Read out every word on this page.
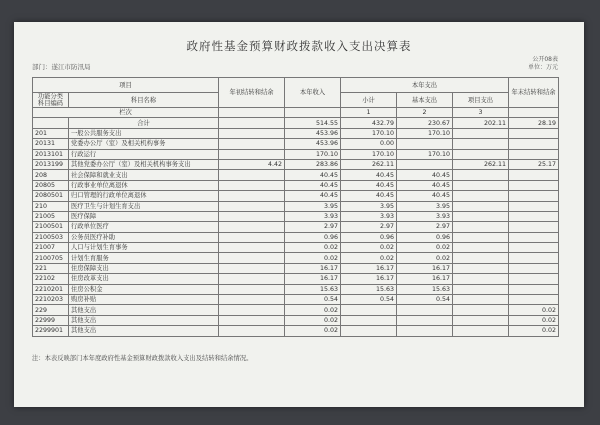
政府性基金预算财政拨款收入支出决算表
部门：遂江市防汛局
公开08表
单位：万元
项目		年初结转和结余	本年收入	本年支出			年末结转和结余
功能分类科目编码	科目名称			小计	基本支出	项目支出	
栏次				1	2	3	
	合计		514.55	432.79	230.67	202.11	28.19
201	一般公共服务支出		453.96	170.10	170.10		
20131	党委办公厅（室）及相关机构事务		453.96	0.00			
2013101	行政运行		170.10	170.10	170.10		
2013199	其他党委办公厅（室）及相关机构事务支出	4.42	283.86	262.11		262.11	25.17
208	社会保障和就业支出		40.45	40.45	40.45		
20805	行政事业单位离退休		40.45	40.45	40.45		
2080501	归口管理的行政单位离退休		40.45	40.45	40.45		
210	医疗卫生与计划生育支出		3.95	3.95	3.95		
21005	医疗保障		3.93	3.93	3.93		
2100501	行政单位医疗		2.97	2.97	2.97		
2100503	公务员医疗补助		0.96	0.96	0.96		
21007	人口与计划生育事务		0.02	0.02	0.02		
2100705	计划生育服务		0.02	0.02	0.02		
221	住房保障支出		16.17	16.17	16.17		
22102	住房改革支出		16.17	16.17	16.17		
2210201	住房公积金		15.63	15.63	15.63		
2210203	购房补贴		0.54	0.54	0.54		
229	其他支出		0.02				0.02
22999	其他支出		0.02				0.02
2299901	其他支出		0.02				0.02
注：本表反映部门本年度政府性基金预算财政拨款收入支出及结转和结余情况。
